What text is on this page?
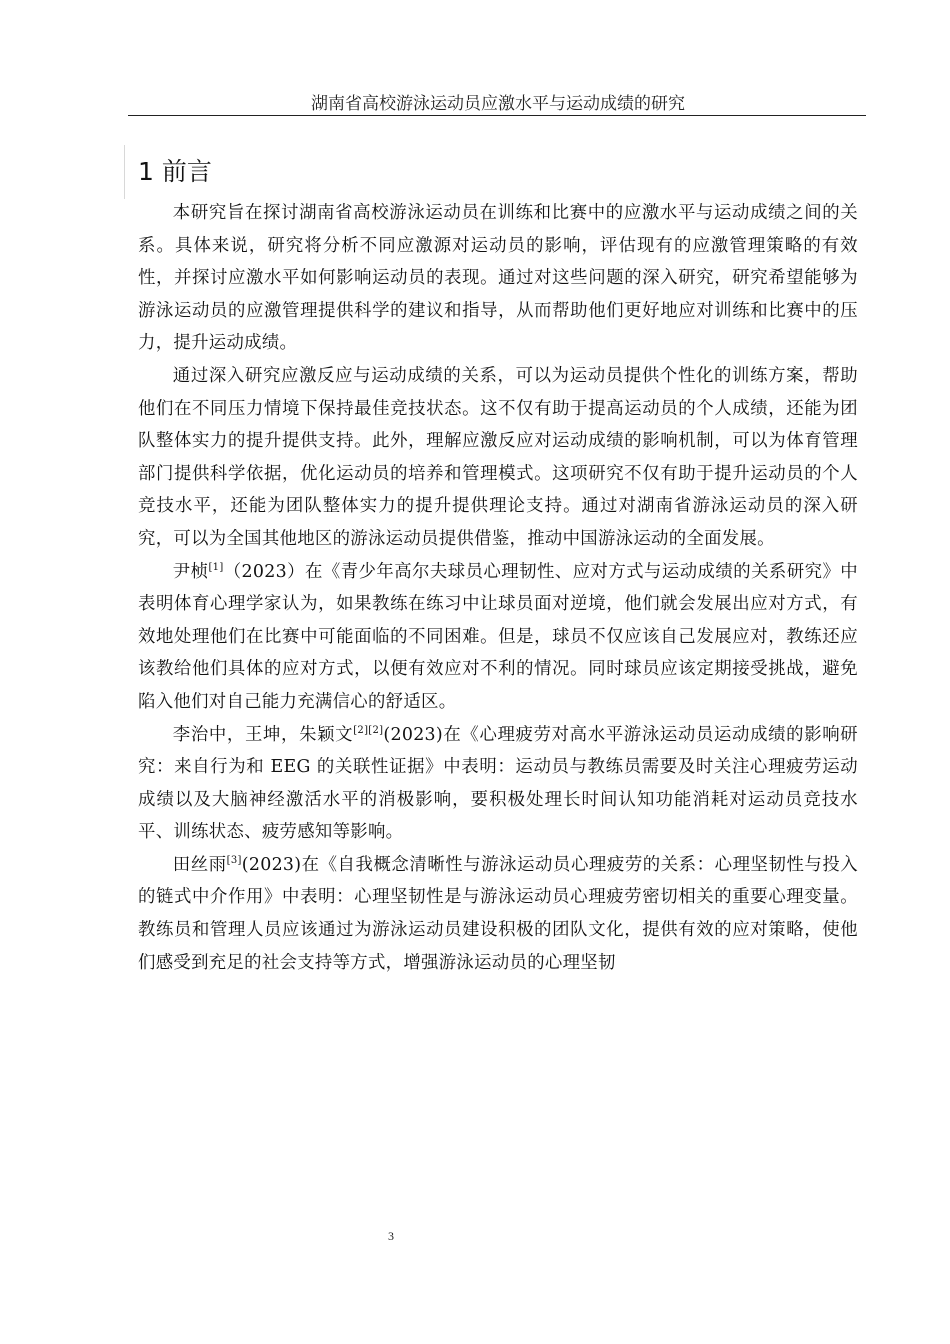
湖南省高校游泳运动员应激水平与运动成绩的研究
1 前言

本研究旨在探讨湖南省高校游泳运动员在训练和比赛中的应激水平与运动成绩之间的关系。具体来说，研究将分析不同应激源对运动员的影响，评估现有的应激管理策略的有效性，并探讨应激水平如何影响运动员的表现。通过对这些问题的深入研究，研究希望能够为游泳运动员的应激管理提供科学的建议和指导，从而帮助他们更好地应对训练和比赛中的压力，提升运动成绩。

通过深入研究应激反应与运动成绩的关系，可以为运动员提供个性化的训练方案，帮助他们在不同压力情境下保持最佳竞技状态。这不仅有助于提高运动员的个人成绩，还能为团队整体实力的提升提供支持。此外，理解应激反应对运动成绩的影响机制，可以为体育管理部门提供科学依据，优化运动员的培养和管理模式。这项研究不仅有助于提升运动员的个人竞技水平，还能为团队整体实力的提升提供理论支持。通过对湖南省游泳运动员的深入研究，可以为全国其他地区的游泳运动员提供借鉴，推动中国游泳运动的全面发展。

尹桢[1]（2023）在《青少年高尔夫球员心理韧性、应对方式与运动成绩的关系研究》中表明体育心理学家认为，如果教练在练习中让球员面对逆境，他们就会发展出应对方式，有效地处理他们在比赛中可能面临的不同困难。但是，球员不仅应该自己发展应对，教练还应该教给他们具体的应对方式，以便有效应对不利的情况。同时球员应该定期接受挑战，避免陷入他们对自己能力充满信心的舒适区。

李治中，王坤，朱颖文[2][2](2023)在《心理疲劳对高水平游泳运动员运动成绩的影响研究：来自行为和 EEG 的关联性证据》中表明：运动员与教练员需要及时关注心理疲劳运动成绩以及大脑神经激活水平的消极影响，要积极处理长时间认知功能消耗对运动员竞技水平、训练状态、疲劳感知等影响。

田丝雨[3](2023)在《自我概念清晰性与游泳运动员心理疲劳的关系：心理坚韧性与投入的链式中介作用》中表明：心理坚韧性是与游泳运动员心理疲劳密切相关的重要心理变量。教练员和管理人员应该通过为游泳运动员建设积极的团队文化，提供有效的应对策略，使他们感受到充足的社会支持等方式，增强游泳运动员的心理坚韧

3
